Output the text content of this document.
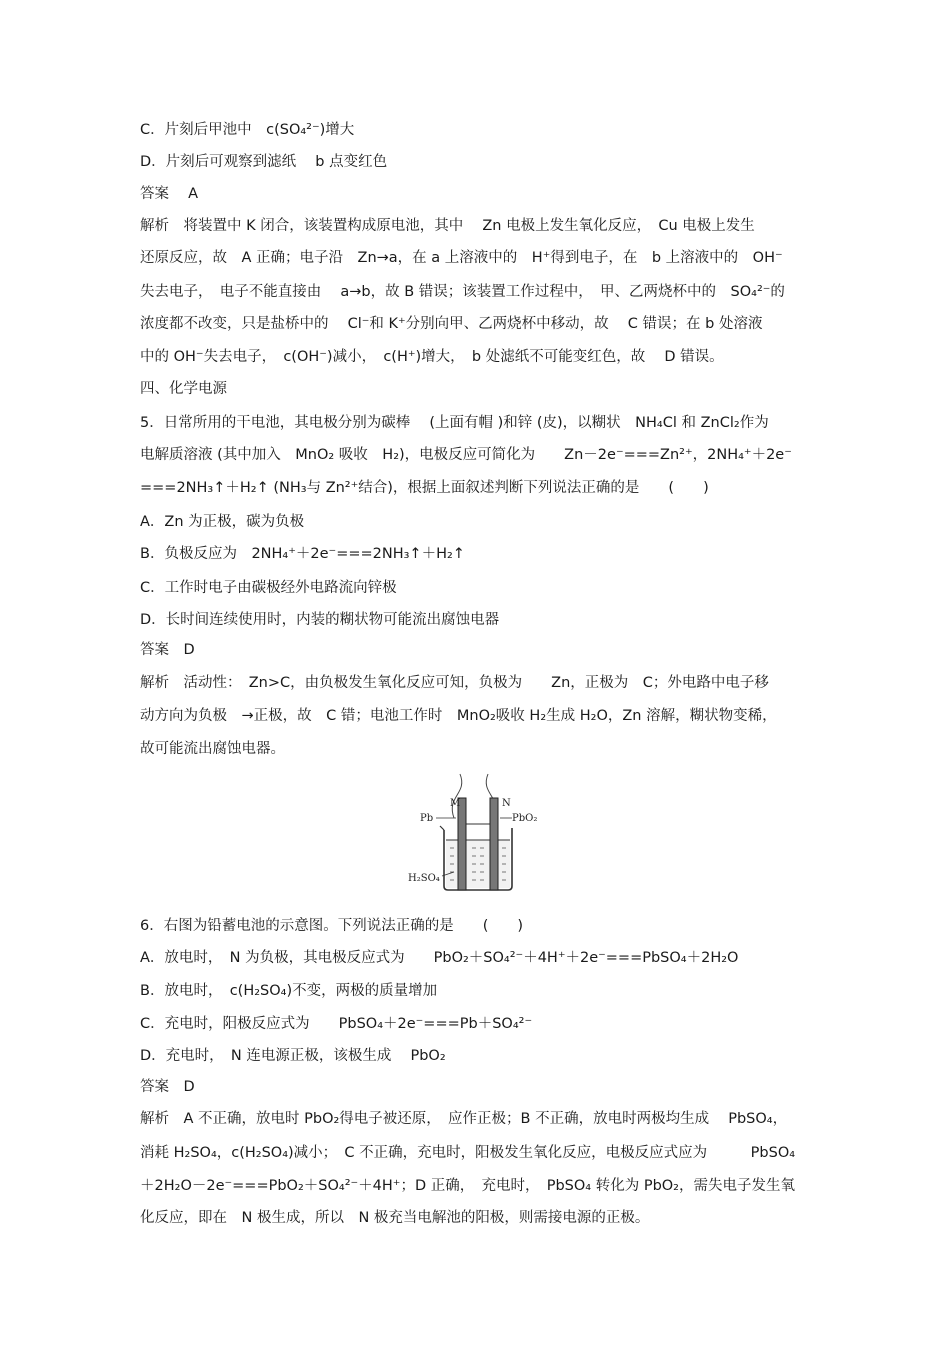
C．片刻后甲池中　c(SO₄²⁻)增大
D．片刻后可观察到滤纸　 b 点变红色
答案　 A
解析　将装置中 K 闭合，该装置构成原电池，其中　 Zn 电极上发生氧化反应，　Cu 电极上发生
还原反应，故　A 正确；电子沿　Zn→a，在 a 上溶液中的　H⁺得到电子，在　b 上溶液中的　OH⁻
失去电子，　电子不能直接由　 a→b，故 B 错误；该装置工作过程中，　甲、乙两烧杯中的　SO₄²⁻的
浓度都不改变，只是盐桥中的　 Cl⁻和 K⁺分别向甲、乙两烧杯中移动，故　 C 错误；在 b 处溶液
中的 OH⁻失去电子，　c(OH⁻)减小，　c(H⁺)增大，　b 处滤纸不可能变红色，故　 D 错误。
四、化学电源
5．日常所用的干电池，其电极分别为碳棒　 (上面有帽 )和锌 (皮)，以糊状　NH₄Cl 和 ZnCl₂作为
电解质溶液 (其中加入　MnO₂ 吸收　H₂)，电极反应可简化为　　Zn－2e⁻===Zn²⁺，2NH₄⁺＋2e⁻
===2NH₃↑＋H₂↑ (NH₃与 Zn²⁺结合)，根据上面叙述判断下列说法正确的是　　(　　)
A．Zn 为正极，碳为负极
B．负极反应为　2NH₄⁺＋2e⁻===2NH₃↑＋H₂↑
C．工作时电子由碳极经外电路流向锌极
D．长时间连续使用时，内装的糊状物可能流出腐蚀电器
答案　D
解析　活动性：　Zn>C，由负极发生氧化反应可知，负极为　　Zn，正极为　C；外电路中电子移
动方向为负极　→正极，故　C 错；电池工作时　MnO₂吸收 H₂生成 H₂O，Zn 溶解，糊状物变稀，
故可能流出腐蚀电器。
M	N
Pb	PbO₂
H₂SO₄
6．右图为铅蓄电池的示意图。下列说法正确的是　　(　　)
A．放电时，　N 为负极，其电极反应式为　　PbO₂＋SO₄²⁻＋4H⁺＋2e⁻===PbSO₄＋2H₂O
B．放电时，　c(H₂SO₄)不变，两极的质量增加
C．充电时，阳极反应式为　　PbSO₄＋2e⁻===Pb＋SO₄²⁻
D．充电时，　N 连电源正极，该极生成　 PbO₂
答案　D
解析　A 不正确，放电时 PbO₂得电子被还原，　应作正极；B 不正确，放电时两极均生成　 PbSO₄，
消耗 H₂SO₄，c(H₂SO₄)减小；　C 不正确，充电时，阳极发生氧化反应，电极反应式应为　　　PbSO₄
＋2H₂O－2e⁻===PbO₂＋SO₄²⁻＋4H⁺；D 正确，　充电时，　PbSO₄ 转化为 PbO₂，需失电子发生氧
化反应，即在　N 极生成，所以　N 极充当电解池的阳极，则需接电源的正极。
